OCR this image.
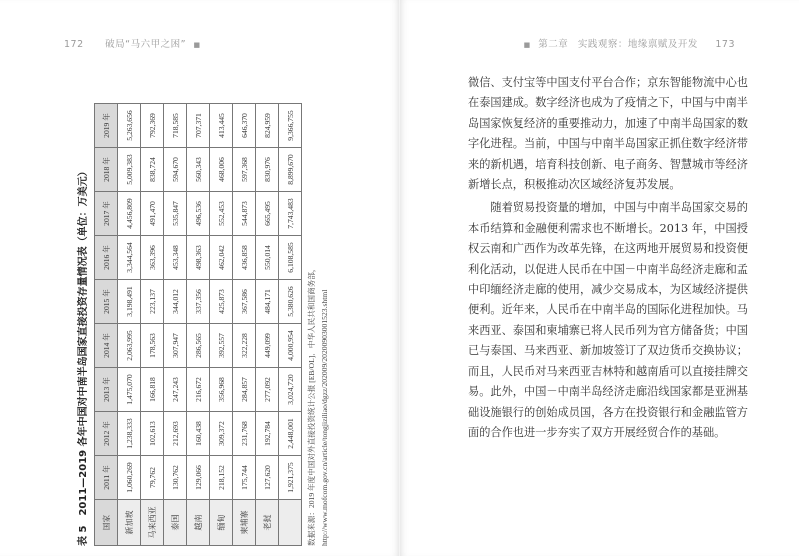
172 破局“马六甲之困” ■
表 52011—2019 各年中国对中南半岛国家直接投资存量情况表（单位：万美元）
国家	2011 年	2012 年	2013 年	2014 年	2015 年	2016 年	2017 年	2018 年	2019 年
新加坡	1,060,269	1,238,333	1,475,070	2,063,995	3,198,491	3,344,564	4,456,809	5,009,383	5,263,656
马来西亚	79,762	102,613	166,818	178,563	223,137	363,396	491,470	838,724	792,369
泰国	130,762	212,693	247,243	307,947	344,012	453,348	535,847	594,670	718,585
越南	129,066	160,438	216,672	286,565	337,356	498,363	496,536	560,343	707,371
缅甸	218,152	309,372	356,968	392,557	425,873	462,042	552,453	468,006	413,445
柬埔寨	175,744	231,768	284,857	322,228	367,586	436,858	544,873	597,368	646,370
老挝	127,620	192,784	277,092	449,099	484,171	550,014	665,495	830,976	824,959
	1,921,375	2,448,001	3,024,720	4,000,954	5,380,626	6,108,585	7,743,483	8,899,670	9,366,755
数据来源：2019 年度中国对外直接投资统计公报 [EB/OL]．中华人民共和国商务部，http://www.mofcom.gov.cn/article/tongjiziliao/dgzz/202009/20200903001523.shtml
■ 第二章 实践观察：地缘禀赋及开发 173

微信、支付宝等中国支付平台合作；京东智能物流中心也在泰国建成。数字经济也成为了疫情之下，中国与中南半岛国家恢复经济的重要推动力，加速了中南半岛国家的数字化进程。当前，中国与中南半岛国家正抓住数字经济带来的新机遇，培育科技创新、电子商务、智慧城市等经济新增长点，积极推动次区域经济复苏发展。

随着贸易投资量的增加，中国与中南半岛国家交易的本币结算和金融便利需求也不断增长。2013 年，中国授权云南和广西作为改革先锋，在这两地开展贸易和投资便利化活动，以促进人民币在中国－中南半岛经济走廊和孟中印缅经济走廊的使用，减少交易成本，为区域经济提供便利。近年来，人民币在中南半岛的国际化进程加快。马来西亚、泰国和柬埔寨已将人民币列为官方储备货；中国已与泰国、马来西亚、新加坡签订了双边货币交换协议；而且，人民币对马来西亚吉林特和越南盾可以直接挂牌交易。此外，中国－中南半岛经济走廊沿线国家都是亚洲基础设施银行的创始成员国，各方在投资银行和金融监管方面的合作也进一步夯实了双方开展经贸合作的基础。
